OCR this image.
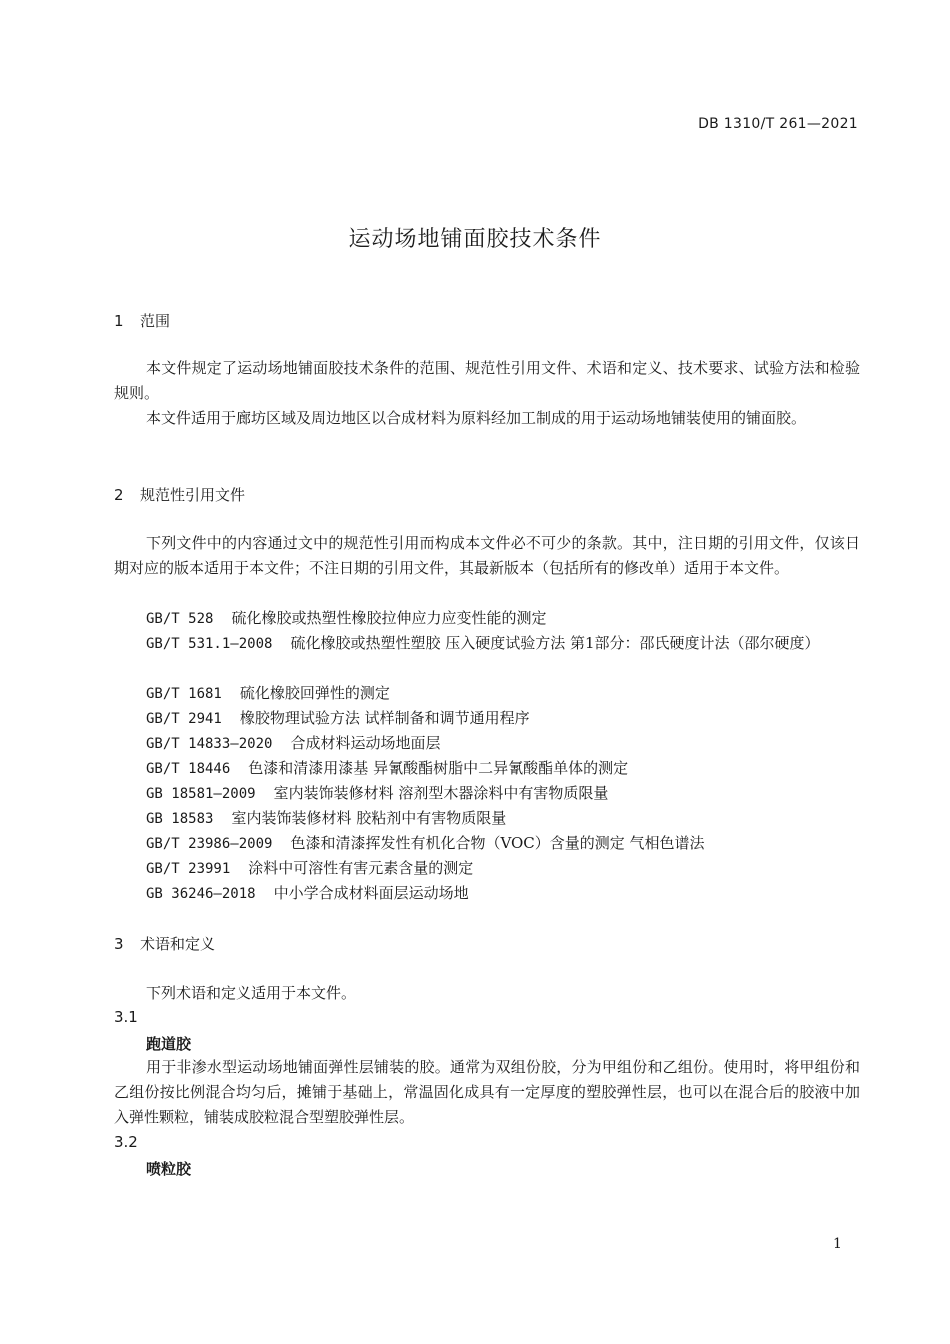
DB 1310/T 261—2021
运动场地铺面胶技术条件
1 范围
本文件规定了运动场地铺面胶技术条件的范围、规范性引用文件、术语和定义、技术要求、试验方法和检验规则。
本文件适用于廊坊区域及周边地区以合成材料为原料经加工制成的用于运动场地铺装使用的铺面胶。
2 规范性引用文件
下列文件中的内容通过文中的规范性引用而构成本文件必不可少的条款。其中，注日期的引用文件，仅该日期对应的版本适用于本文件；不注日期的引用文件，其最新版本（包括所有的修改单）适用于本文件。
GB/T 528 硫化橡胶或热塑性橡胶拉伸应力应变性能的测定
GB/T 531.1—2008 硫化橡胶或热塑性塑胶 压入硬度试验方法 第1部分：邵氏硬度计法（邵尔硬度）
GB/T 1681 硫化橡胶回弹性的测定
GB/T 2941 橡胶物理试验方法 试样制备和调节通用程序
GB/T 14833—2020 合成材料运动场地面层
GB/T 18446 色漆和清漆用漆基 异氰酸酯树脂中二异氰酸酯单体的测定
GB 18581—2009 室内装饰装修材料 溶剂型木器涂料中有害物质限量
GB 18583 室内装饰装修材料 胶粘剂中有害物质限量
GB/T 23986—2009 色漆和清漆挥发性有机化合物（VOC）含量的测定 气相色谱法
GB/T 23991 涂料中可溶性有害元素含量的测定
GB 36246—2018 中小学合成材料面层运动场地
3 术语和定义
下列术语和定义适用于本文件。
3.1
跑道胶
用于非渗水型运动场地铺面弹性层铺装的胶。通常为双组份胶，分为甲组份和乙组份。使用时，将甲组份和乙组份按比例混合均匀后，摊铺于基础上，常温固化成具有一定厚度的塑胶弹性层，也可以在混合后的胶液中加入弹性颗粒，铺装成胶粒混合型塑胶弹性层。
3.2
喷粒胶
1
